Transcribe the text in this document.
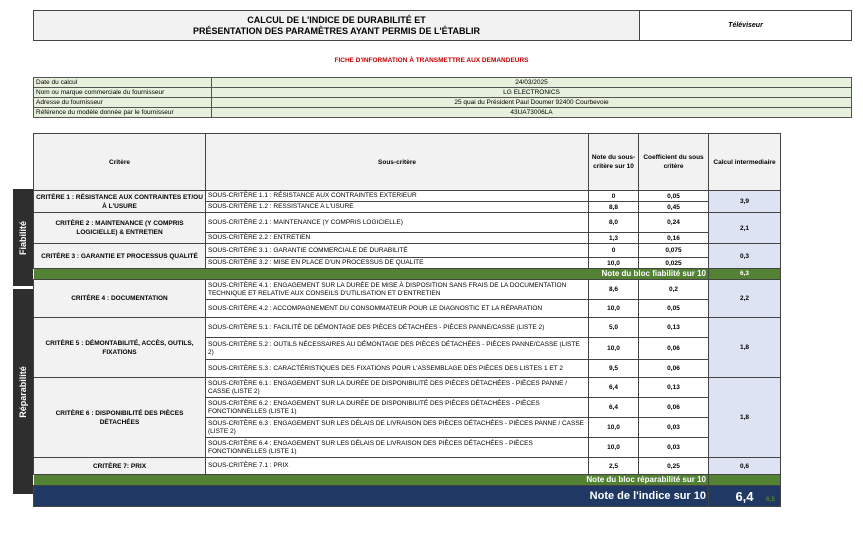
CALCUL DE L'INDICE DE DURABILITÉ ET
PRÉSENTATION DES PARAMÈTRES AYANT PERMIS DE L'ÉTABLIR	Téléviseur
FICHE D'INFORMATION À TRANSMETTRE AUX DEMANDEURS
Date du calcul	24/03/2025
Nom ou marque commerciale du fournisseur	LG ELECTRONICS
Adresse du fournisseur	25 quai du Président Paul Doumer 92400 Courbevoie
Référence du modèle donnée par le fournisseur	43UA73006LA
Fiabilité
Réparabilité
Critère	Sous-critère	Note du sous-critère sur 10	Coefficient du sous critère	Calcul intermediaire
CRITÈRE 1 : RÉSISTANCE AUX CONTRAINTES ET/OU À L'USURE	SOUS-CRITÈRE 1.1 : RÉSISTANCE AUX CONTRAINTES EXTERIEUR	0	0,05	3,9
	SOUS-CRITÈRE 1.2 : RESSISTANCE A L'USURE	8,8	0,45	
CRITÈRE 2 : MAINTENANCE (Y COMPRIS LOGICIELLE) & ENTRETIEN	SOUS-CRITÈRE 2.1 : MAINTENANCE (Y COMPRIS LOGICIELLE)	8,0	0,24	2,1
	SOUS-CRITÈRE 2.2 : ENTRETIEN	1,3	0,16	
CRITÈRE 3 : GARANTIE ET PROCESSUS QUALITÉ	SOUS-CRITÈRE 3.1 : GARANTIE COMMERCIALE DE DURABILITÉ	0	0,075	0,3
	SOUS-CRITÈRE 3.2 : MISE EN PLACE D'UN PROCESSUS DE QUALITE	10,0	0,025	
Note du bloc fiabilité sur 10				6,3
CRITÈRE 4 : DOCUMENTATION	SOUS-CRITÈRE 4.1 : ENGAGEMENT SUR LA DURÉE DE MISE À DISPOSITION SANS FRAIS DE LA DOCUMENTATION TECHNIQUE ET RELATIVE AUX CONSEILS D'UTILISATION ET D'ENTRETIEN	8,6	0,2	2,2
	SOUS-CRITÈRE 4.2 : ACCOMPAGNEMENT DU CONSOMMATEUR POUR LE DIAGNOSTIC ET LA RÉPARATION	10,0	0,05	
CRITÈRE 5 : DÉMONTABILITÉ, ACCÈS, OUTILS, FIXATIONS	SOUS-CRITÈRE 5.1 : FACILITÉ DE DÉMONTAGE DES PIÈCES DÉTACHÉES - PIÈCES PANNE/CASSE (LISTE 2)	5,0	0,13	1,8
	SOUS-CRITÈRE 5.2 : OUTILS NÉCESSAIRES AU DÉMONTAGE DES PIÈCES DÉTACHÉES - PIÈCES PANNE/CASSE (LISTE 2)	10,0	0,06	
	SOUS-CRITÈRE 5.3 : CARACTÉRISTIQUES DES FIXATIONS POUR L'ASSEMBLAGE DES PIÈCES DES LISTES 1 ET 2	9,5	0,06	
CRITÈRE 6 : DISPONIBILITÉ DES PIÈCES DÉTACHÉES	SOUS-CRITÈRE 6.1 : ENGAGEMENT SUR LA DURÉE DE DISPONIBILITÉ DES PIÈCES DÉTACHÉES - PIÈCES PANNE / CASSE (LISTE 2)	6,4	0,13	1,8
	SOUS-CRITÈRE 6.2 : ENGAGEMENT SUR LA DURÉE DE DISPONIBILITÉ DES PIÈCES DÉTACHÉES - PIÈCES FONCTIONNELLES (LISTE 1)	6,4	0,06	
	SOUS-CRITÈRE 6.3 : ENGAGEMENT SUR LES DÉLAIS DE LIVRAISON DES PIÈCES DÉTACHÉES - PIÈCES PANNE / CASSE (LISTE 2)	10,0	0,03	
	SOUS-CRITÈRE 6.4 : ENGAGEMENT SUR LES DÉLAIS DE LIVRAISON DES PIÈCES DÉTACHÉES - PIÈCES FONCTIONNELLES (LISTE 1)	10,0	0,03	
CRITÈRE 7: PRIX	SOUS-CRITÈRE 7.1 : PRIX	2,5	0,25	0,6
Note du bloc réparabilité sur 10				
Note de l'indice sur 10				6,4 6,5
